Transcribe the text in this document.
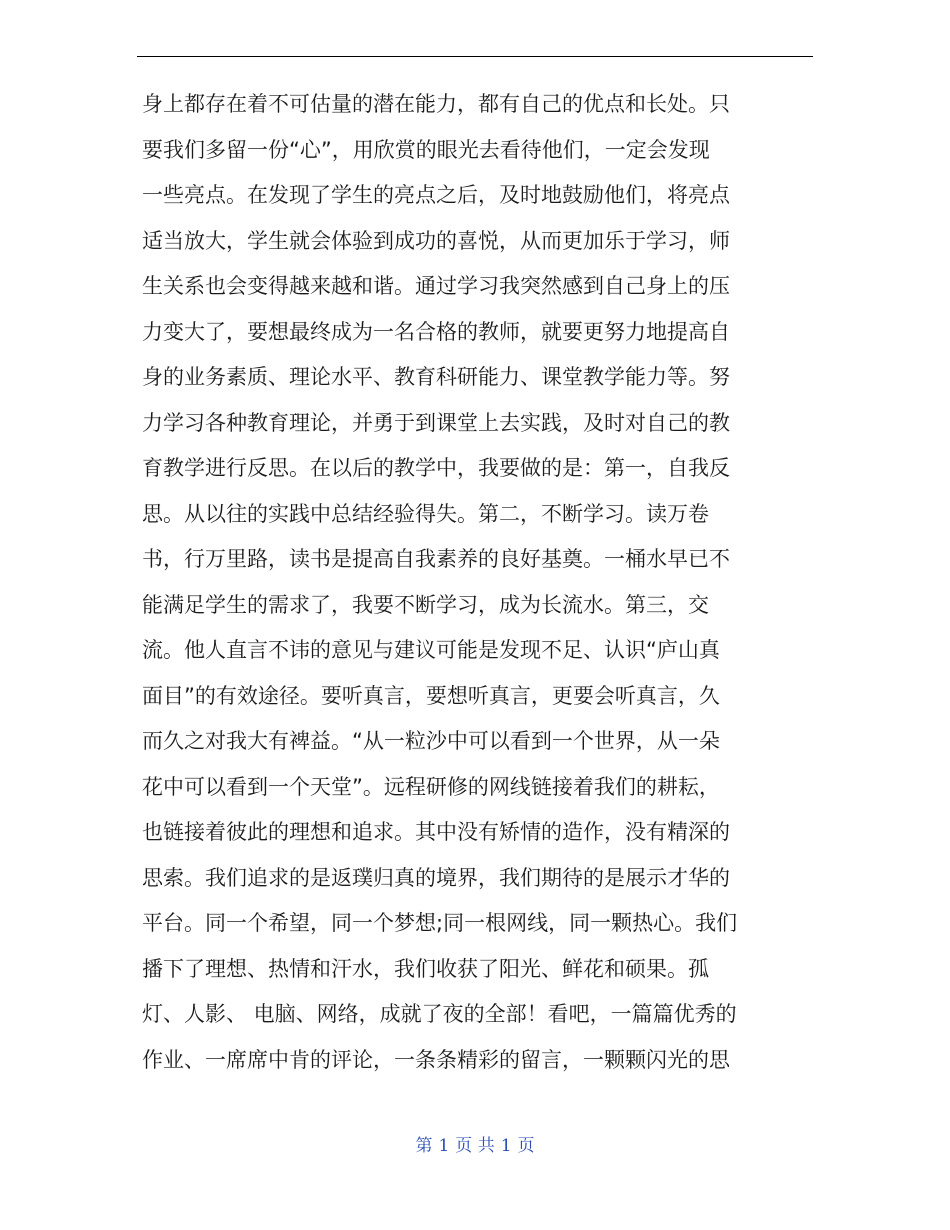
身上都存在着不可估量的潜在能力，都有自己的优点和长处。只
要我们多留一份“心”，用欣赏的眼光去看待他们，一定会发现
一些亮点。在发现了学生的亮点之后，及时地鼓励他们，将亮点
适当放大，学生就会体验到成功的喜悦，从而更加乐于学习，师
生关系也会变得越来越和谐。通过学习我突然感到自己身上的压
力变大了，要想最终成为一名合格的教师，就要更努力地提高自
身的业务素质、理论水平、教育科研能力、课堂教学能力等。努
力学习各种教育理论，并勇于到课堂上去实践，及时对自己的教
育教学进行反思。在以后的教学中，我要做的是：第一，自我反
思。从以往的实践中总结经验得失。第二，不断学习。读万卷
书，行万里路，读书是提高自我素养的良好基奠。一桶水早已不
能满足学生的需求了，我要不断学习，成为长流水。第三，交
流。他人直言不讳的意见与建议可能是发现不足、认识“庐山真
面目”的有效途径。要听真言，要想听真言，更要会听真言，久
而久之对我大有裨益。“从一粒沙中可以看到一个世界，从一朵
花中可以看到一个天堂”。远程研修的网线链接着我们的耕耘，
也链接着彼此的理想和追求。其中没有矫情的造作，没有精深的
思索。我们追求的是返璞归真的境界，我们期待的是展示才华的
平台。同一个希望，同一个梦想;同一根网线，同一颗热心。我们
播下了理想、热情和汗水，我们收获了阳光、鲜花和硕果。孤
灯、人影、 电脑、网络，成就了夜的全部！看吧，一篇篇优秀的
作业、一席席中肯的评论，一条条精彩的留言，一颗颗闪光的思
第 1 页 共 1 页
